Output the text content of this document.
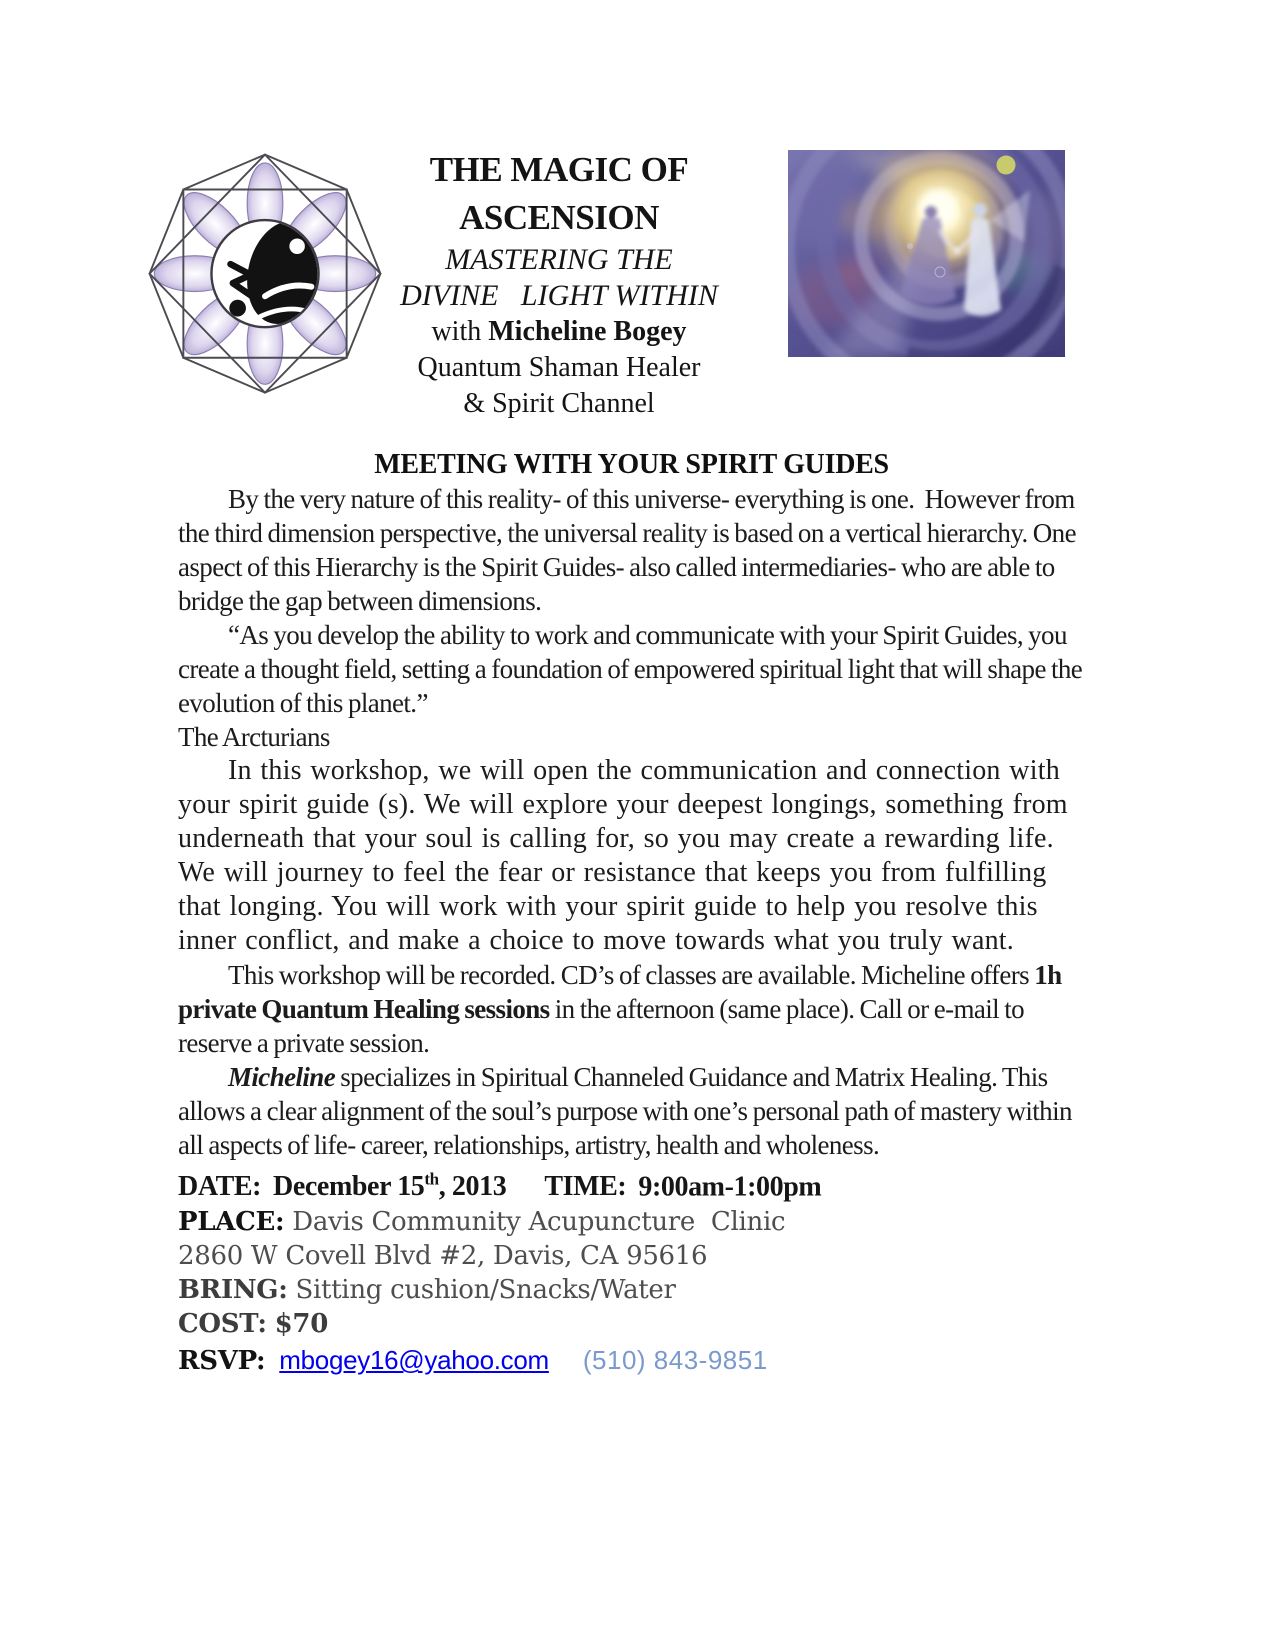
THE MAGIC OF
ASCENSION
MASTERING THE
DIVINE   LIGHT WITHIN
with Micheline Bogey
Quantum Shaman Healer
& Spirit Channel
MEETING WITH YOUR SPIRIT GUIDES

By the very nature of this reality- of this universe- everything is one.  However from the third dimension perspective, the universal reality is based on a vertical hierarchy. One aspect of this Hierarchy is the Spirit Guides- also called intermediaries- who are able to bridge the gap between dimensions.

“As you develop the ability to work and communicate with your Spirit Guides, you create a thought field, setting a foundation of empowered spiritual light that will shape the evolution of this planet.”
The Arcturians

In this workshop, we will open the communication and connection with your spirit guide (s). We will explore your deepest longings, something from underneath that your soul is calling for, so you may create a rewarding life. We will journey to feel the fear or resistance that keeps you from fulfilling that longing. You will work with your spirit guide to help you resolve this inner conflict, and make a choice to move towards what you truly want.

This workshop will be recorded. CD’s of classes are available. Micheline offers 1h private Quantum Healing sessions in the afternoon (same place). Call or e-mail to reserve a private session.

Micheline specializes in Spiritual Channeled Guidance and Matrix Healing. This allows a clear alignment of the soul’s purpose with one’s personal path of mastery within all aspects of life- career, relationships, artistry, health and wholeness.

DATE: December 15th, 2013 TIME: 9:00am-1:00pm
PLACE: Davis Community Acupuncture  Clinic
2860 W Covell Blvd #2, Davis, CA 95616
BRING: Sitting cushion/Snacks/Water
COST: $70
RSVP: mbogey16@yahoo.com (510) 843-9851
